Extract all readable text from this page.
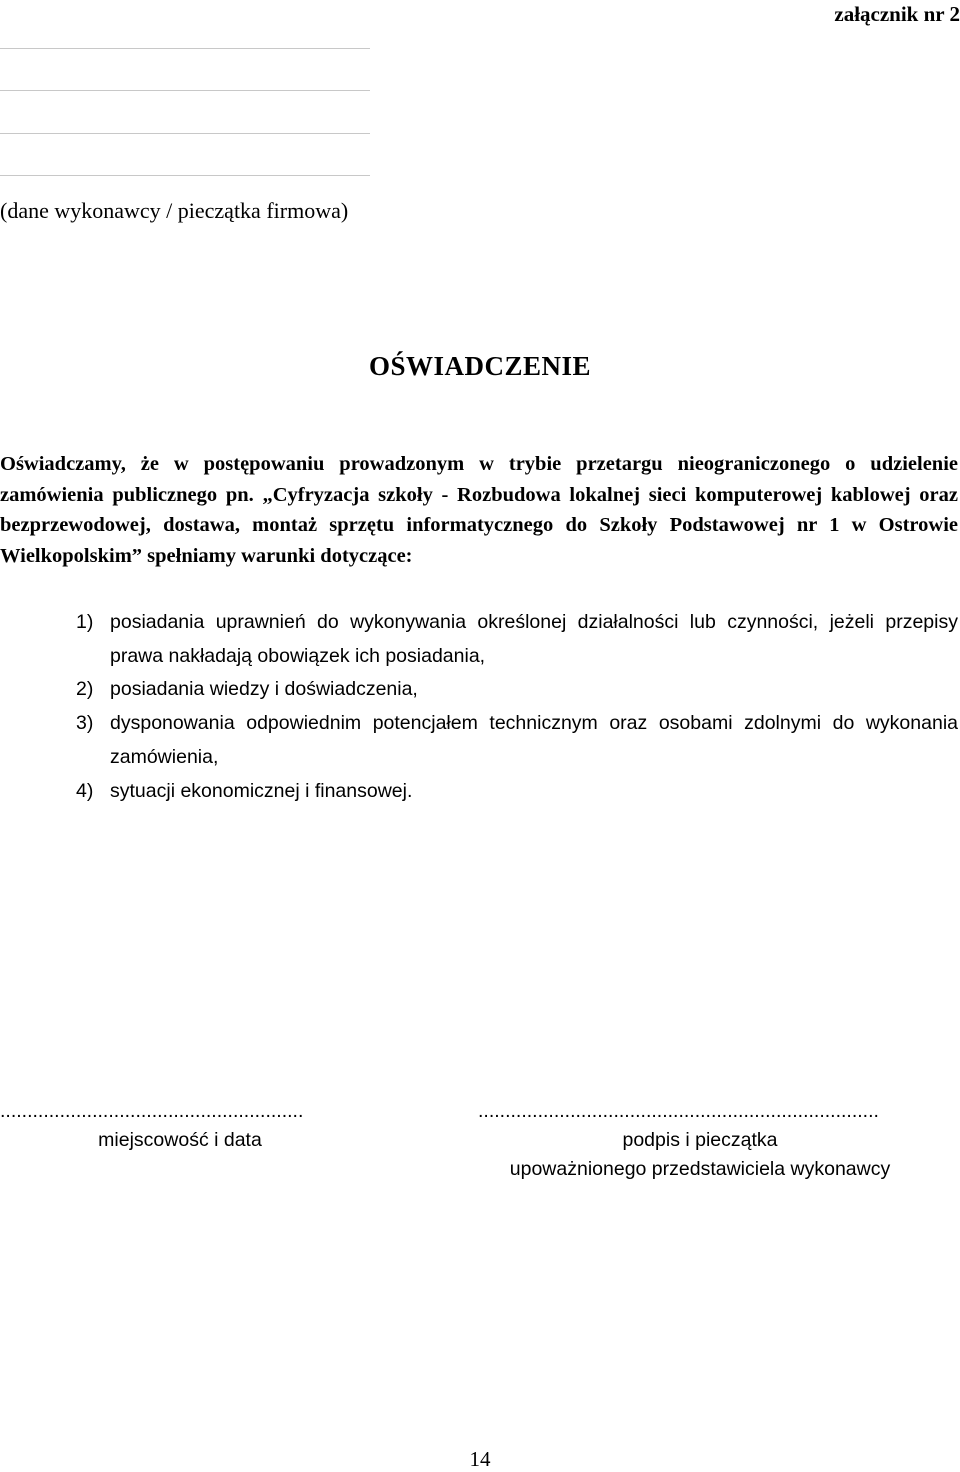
załącznik nr 2
(dane wykonawcy / pieczątka firmowa)
OŚWIADCZENIE
Oświadczamy, że w postępowaniu prowadzonym w trybie przetargu nieograniczonego o udzielenie zamówienia publicznego pn. „Cyfryzacja szkoły - Rozbudowa lokalnej sieci komputerowej kablowej oraz bezprzewodowej, dostawa, montaż sprzętu informatycznego do Szkoły Podstawowej nr 1 w Ostrowie Wielkopolskim” spełniamy warunki dotyczące:
1) posiadania uprawnień do wykonywania określonej działalności lub czynności, jeżeli przepisy prawa nakładają obowiązek ich posiadania,
2) posiadania wiedzy i doświadczenia,
3) dysponowania odpowiednim potencjałem technicznym oraz osobami zdolnymi do wykonania zamówienia,
4) sytuacji ekonomicznej i finansowej.
........................................................
miejscowość i data
..........................................................................
podpis i pieczątka
upoważnionego przedstawiciela wykonawcy
14
